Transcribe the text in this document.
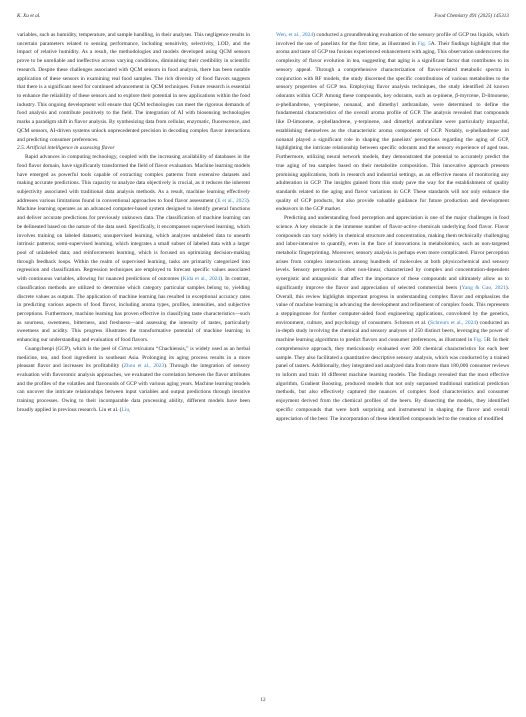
K. Xu et al.	Food Chemistry 491 (2025) 145313

variables, such as humidity, temperature, and sample handling, in their analyses. This negligence results in uncertain parameters related to sensing performance, including sensitivity, selectivity, LOD, and the impact of relative humidity. As a result, the methodologies and models developed using QCM sensors prove to be unreliable and ineffective across varying conditions, diminishing their credibility in scientific research. Despite these challenges associated with QCM sensors in food analysis, there has been notable application of these sensors in examining real food samples. The rich diversity of food flavors suggests that there is a significant need for continued advancement in QCM techniques. Future research is essential to enhance the reliability of these sensors and to explore their potential in new applications within the food industry. This ongoing development will ensure that QCM technologies can meet the rigorous demands of food analysis and contribute positively to the field. The integration of AI with biosensing technologies marks a paradigm shift in flavor analysis. By synthesizing data from cellular, enzymatic, fluorescence, and QCM sensors, AI-driven systems unlock unprecedented precision in decoding complex flavor interactions and predicting consumer preferences.

2.5. Artificial intelligence in assessing flavor

Rapid advances in computing technology, coupled with the increasing availability of databases in the food flavor domain, have significantly transformed the field of flavor evaluation. Machine learning models have emerged as powerful tools capable of extracting complex patterns from extensive datasets and making accurate predictions. This capacity to analyze data objectively is crucial, as it reduces the inherent subjectivity associated with traditional data analysis methods. As a result, machine learning effectively addresses various limitations found in conventional approaches to food flavor assessment (Ji et al., 2023). Machine learning operates as an advanced computer-based system designed to identify general functions and deliver accurate predictions for previously unknown data. The classification of machine learning can be delineated based on the nature of the data used. Specifically, it encompasses supervised learning, which involves training on labeled datasets; unsupervised learning, which analyzes unlabeled data to unearth intrinsic patterns; semi-supervised learning, which integrates a small subset of labeled data with a larger pool of unlabeled data; and reinforcement learning, which is focused on optimizing decision-making through feedback loops. Within the realm of supervised learning, tasks are primarily categorized into regression and classification. Regression techniques are employed to forecast specific values associated with continuous variables, allowing for nuanced predictions of outcomes (Kida et al., 2024). In contrast, classification methods are utilized to determine which category particular samples belong to, yielding discrete values as outputs. The application of machine learning has resulted in exceptional accuracy rates in predicting various aspects of food flavor, including aroma types, profiles, intensities, and subjective perceptions. Furthermore, machine learning has proven effective in classifying taste characteristics—such as sourness, sweetness, bitterness, and freshness—and assessing the intensity of tastes, particularly sweetness and acidity. This progress illustrates the transformative potential of machine learning in enhancing our understanding and evaluation of food flavors.

Guangchenpi (GCP), which is the peel of Citrus reticulata “Chachiensis,” is widely used as an herbal medicine, tea, and food ingredient in southeast Asia. Prolonging its aging process results in a more pleasant flavor and increases its profitability (Zhou et al., 2023). Through the integration of sensory evaluation with flavoromic analysis approaches, we evaluated the correlation between the flavor attributes and the profiles of the volatiles and flavonoids of GCP with various aging years. Machine learning models can uncover the intricate relationships between input variables and output predictions through iterative training processes. Owing to their incomparable data processing ability, different models have been broadly applied in previous research. Liu et al. (Liu,

Wen, et al., 2024) conducted a groundbreaking evaluation of the sensory profile of GCP tea liquids, which involved the use of panelists for the first time, as illustrated in Fig. 5A. Their findings highlight that the aroma and taste of GCP tea fusions experienced enhancement with aging. This observation underscores the complexity of flavor evolution in tea, suggesting that aging is a significant factor that contributes to its sensory appeal. Through a comprehensive characterization of flavor-related metabolic spectra in conjunction with RF models, the study discerned the specific contributions of various metabolites to the sensory properties of GCP tea. Employing flavor analysis techniques, the study identified 24 known odorants within GCP. Among these compounds, key odorants, such as α-pinene, β-myrcene, D-limonene, α-phellandrene, γ-terpinene, nonanal, and dimethyl anthranilate, were determined to define the fundamental characteristics of the overall aroma profile of GCP. The analysis revealed that compounds like D-limonene, α-phellandrene, γ-terpinene, and dimethyl anthranilate were particularly impactful, establishing themselves as the characteristic aroma components of GCP. Notably, α-phellandrene and nonanal played a significant role in shaping the panelists' perceptions regarding the aging of GCP, highlighting the intricate relationship between specific odorants and the sensory experience of aged teas. Furthermore, utilizing neural network models, they demonstrated the potential to accurately predict the true aging of tea samples based on their metabolite composition. This innovative approach presents promising applications, both in research and industrial settings, as an effective means of monitoring any adulteration in GCP. The insights gained from this study pave the way for the establishment of quality standards related to the aging and flavor variations in GCP. These standards will not only enhance the quality of GCP products, but also provide valuable guidance for future production and development endeavors in the GCP market.

Predicting and understanding food perception and appreciation is one of the major challenges in food science. A key obstacle is the immense number of flavor-active chemicals underlying food flavor. Flavor compounds can vary widely in chemical structure and concentration, making them technically challenging and labor-intensive to quantify, even in the face of innovations in metabolomics, such as non-targeted metabolic fingerprinting. Moreover, sensory analysis is perhaps even more complicated. Flavor perception arises from complex interactions among hundreds of molecules at both physicochemical and sensory levels. Sensory perception is often non-linear, characterized by complex and concentration-dependent synergistic and antagonistic that affect the importance of these compounds and ultimately allow us to significantly improve the flavor and appreciation of selected commercial beers (Yang & Gao, 2021). Overall, this review highlights important progress in understanding complex flavor and emphasizes the value of machine learning in advancing the development and refinement of complex foods. This represents a steppingstone for further computer-aided food engineering applications, convoluted by the genetics, environment, culture, and psychology of consumers. Schreurs et al. (Schreurs et al., 2024) conducted an in-depth study involving the chemical and sensory analyses of 250 distinct beers, leveraging the power of machine learning algorithms to predict flavors and consumer preferences, as illustrated in Fig. 5B. In their comprehensive approach, they meticulously evaluated over 200 chemical characteristics for each beer sample. They also facilitated a quantitative descriptive sensory analysis, which was conducted by a trained panel of tasters. Additionally, they integrated and analyzed data from more than 180,000 consumer reviews to inform and train 10 different machine learning models. The findings revealed that the most effective algorithm, Gradient Boosting, produced models that not only surpassed traditional statistical prediction methods, but also effectively captured the nuances of complex food characteristics and consumer enjoyment derived from the chemical profiles of the beers. By dissecting the models, they identified specific compounds that were both surprising and instrumental in shaping the flavor and overall appreciation of the beer. The incorporation of these identified compounds led to the creation of modified

12
